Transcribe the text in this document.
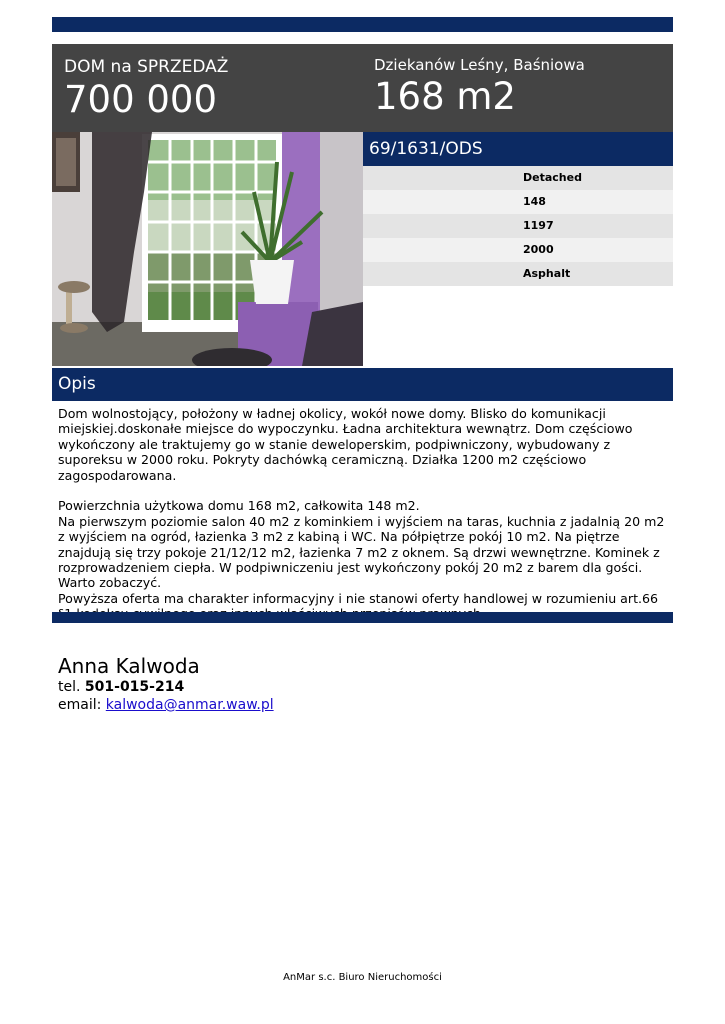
DOM na SPRZEDAŻ
700 000
Dziekanów Leśny, Baśniowa
168 m2
69/1631/ODS
Detached
148
1197
2000
Asphalt
Opis

Dom wolnostojący, położony w ładnej okolicy, wokół nowe domy. Blisko do komunikacji miejskiej.doskonałe miejsce do wypoczynku. Ładna architektura wewnątrz. Dom częściowo wykończony ale traktujemy go w stanie deweloperskim, podpiwniczony, wybudowany z suporeksu w 2000 roku. Pokryty dachówką ceramiczną. Działka 1200 m2 częściowo zagospodarowana.

Powierzchnia użytkowa domu 168 m2, całkowita 148 m2.
Na pierwszym poziomie salon 40 m2 z kominkiem i wyjściem na taras, kuchnia z jadalnią 20 m2 z wyjściem na ogród, łazienka 3 m2 z kabiną i WC. Na półpiętrze pokój 10 m2. Na piętrze znajdują się trzy pokoje 21/12/12 m2, łazienka 7 m2 z oknem. Są drzwi wewnętrzne. Kominek z rozprowadzeniem ciepła. W podpiwniczeniu jest wykończony pokój 20 m2 z barem dla gości. Warto zobaczyć.
Powyższa oferta ma charakter informacyjny i nie stanowi oferty handlowej w rozumieniu art.66

Anna Kalwoda
tel. 501-015-214
email: kalwoda@anmar.waw.pl
AnMar s.c. Biuro Nieruchomości
